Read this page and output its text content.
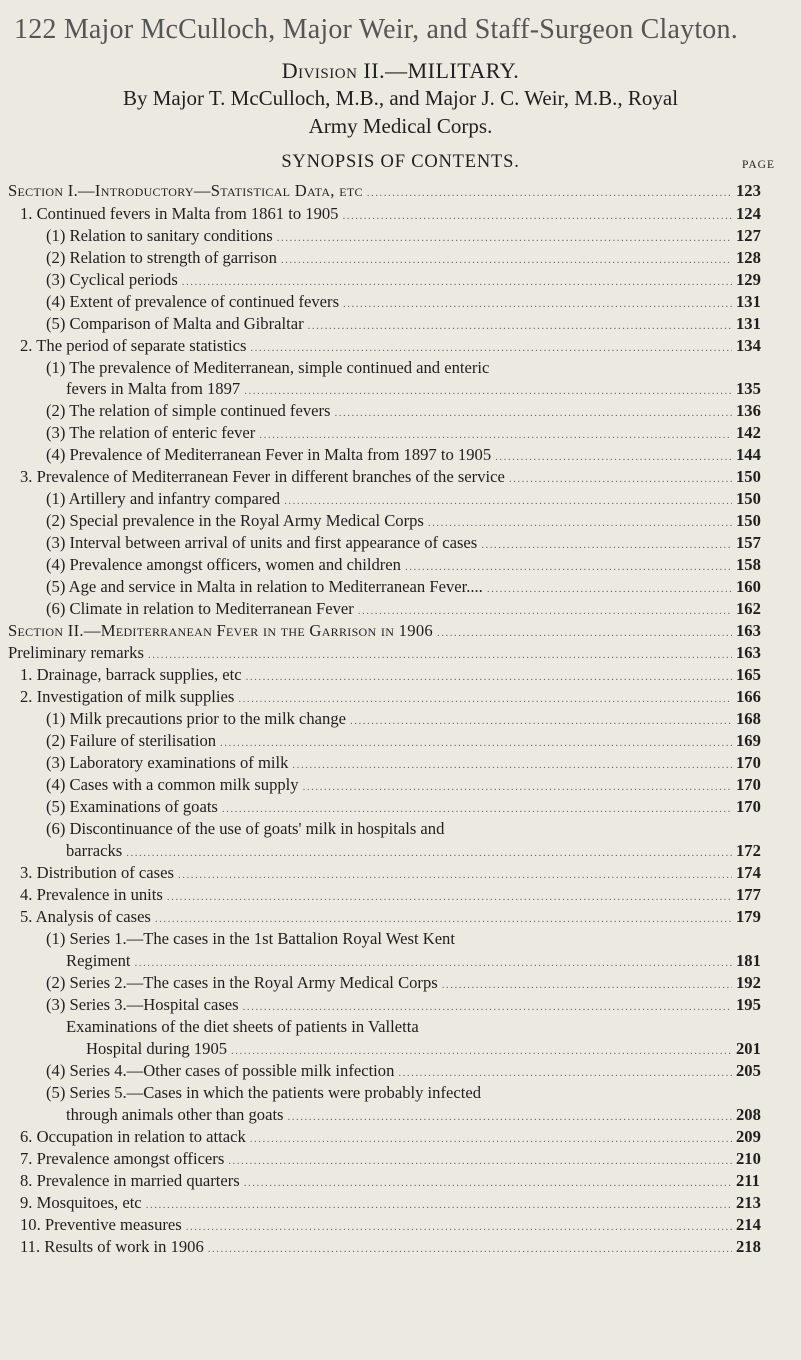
122 Major McCulloch, Major Weir, and Staff-Surgeon Clayton.
Division II.—MILITARY.
By Major T. McCulloch, M.B., and Major J. C. Weir, M.B., Royal
Army Medical Corps.
SYNOPSIS OF CONTENTS.	PAGE
Section I.—Introductory—Statistical Data, etc .....	123
1. Continued fevers in Malta from 1861 to 1905 .....	124
(1) Relation to sanitary conditions .....	127
(2) Relation to strength of garrison .....	128
(3) Cyclical periods .....	129
(4) Extent of prevalence of continued fevers .....	131
(5) Comparison of Malta and Gibraltar .....	131
2. The period of separate statistics .....	134
(1) The prevalence of Mediterranean, simple continued and enteric
fevers in Malta from 1897 .....	135
(2) The relation of simple continued fevers .....	136
(3) The relation of enteric fever .....	142
(4) Prevalence of Mediterranean Fever in Malta from 1897 to 1905 .....	144
3. Prevalence of Mediterranean Fever in different branches of the service .....	150
(1) Artillery and infantry compared .....	150
(2) Special prevalence in the Royal Army Medical Corps .....	150
(3) Interval between arrival of units and first appearance of cases .....	157
(4) Prevalence amongst officers, women and children .....	158
(5) Age and service in Malta in relation to Mediterranean Fever.... .....	160
(6) Climate in relation to Mediterranean Fever .....	162
Section II.—Mediterranean Fever in the Garrison in 1906 .....	163
Preliminary remarks .....	163
1. Drainage, barrack supplies, etc .....	165
2. Investigation of milk supplies .....	166
(1) Milk precautions prior to the milk change .....	168
(2) Failure of sterilisation .....	169
(3) Laboratory examinations of milk .....	170
(4) Cases with a common milk supply .....	170
(5) Examinations of goats .....	170
(6) Discontinuance of the use of goats' milk in hospitals and
barracks .....	172
3. Distribution of cases .....	174
4. Prevalence in units .....	177
5. Analysis of cases .....	179
(1) Series 1.—The cases in the 1st Battalion Royal West Kent
Regiment .....	181
(2) Series 2.—The cases in the Royal Army Medical Corps .....	192
(3) Series 3.—Hospital cases .....	195
Examinations of the diet sheets of patients in Valletta
Hospital during 1905 .....	201
(4) Series 4.—Other cases of possible milk infection .....	205
(5) Series 5.—Cases in which the patients were probably infected
through animals other than goats .....	208
6. Occupation in relation to attack .....	209
7. Prevalence amongst officers .....	210
8. Prevalence in married quarters .....	211
9. Mosquitoes, etc .....	213
10. Preventive measures .....	214
11. Results of work in 1906 .....	218
